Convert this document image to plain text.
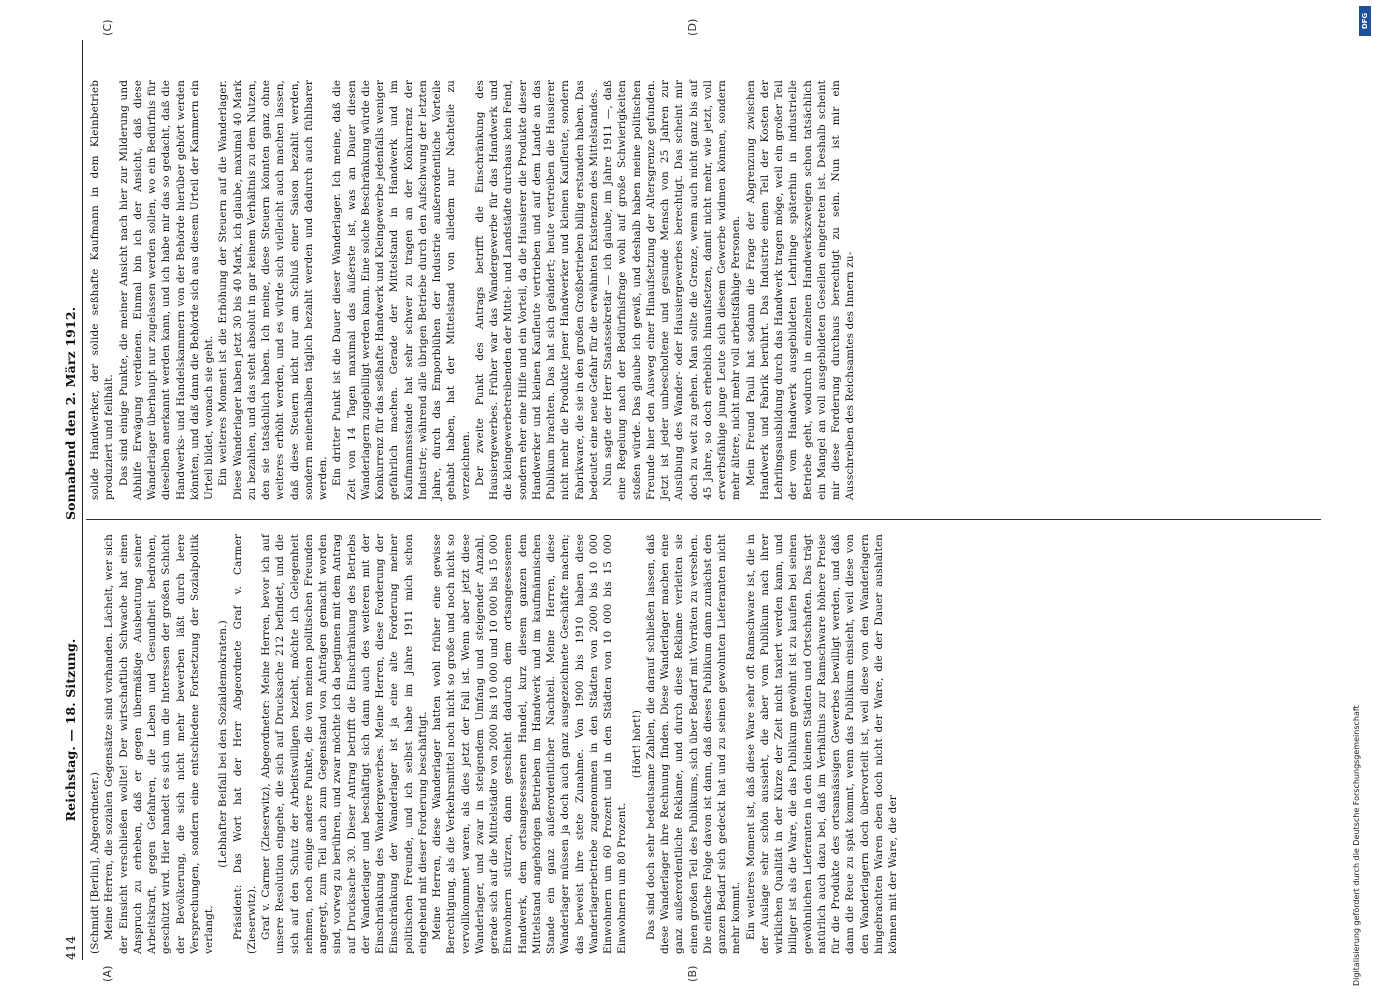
414
Reichstag. — 18. Sitzung.
Sonnabend den 2. März 1912.
(A)	(B)
(C)	(D)

(Schmidt [Berlin], Abgeordneter.) Meine Herren, die sozialen Gegensätze sind vorhanden. Lächelt, wer sich der Einsicht verschließen wollte! Der wirtschaftlich Schwache hat einen Anspruch zu erheben, daß er gegen übermäßige Ausbeutung seiner Arbeitskraft, gegen Gefahren, die Leben und Gesundheit bedrohen, geschützt wird. Hier handelt es sich um die Interessen der großen Schicht der Bevölkerung, die sich nicht mehr bewerben läßt durch leere Versprechungen, sondern eine entschiedene Fortsetzung der Sozialpolitik verlangt.

(Lebhafter Beifall bei den Sozialdemokraten.) Präsident: Das Wort hat der Herr Abgeordnete Graf v. Carmer (Zieserwitz). Graf v. Carmer (Zieserwitz), Abgeordneter: Meine Herren, bevor ich auf unsere Resolution eingehe, die sich auf Drucksache 212 befindet, und die sich auf den Schutz der Arbeitswilligen bezieht, möchte ich Gelegenheit nehmen, noch einige andere Punkte, die von meinen politischen Freunden angeregt, zum Teil auch zum Gegenstand von Anträgen gemacht worden sind, vorweg zu berühren, und zwar möchte ich da beginnen mit dem Antrag auf Drucksache 30. Dieser Antrag betrifft die Einschränkung des Betriebs der Wanderlager und beschäftigt sich dann auch des weiteren mit der Einschränkung des Wandergewerbes. Meine Herren, diese Forderung der Einschränkung der Wanderlager ist ja eine alte Forderung meiner politischen Freunde, und ich selbst habe im Jahre 1911 mich schon eingehend mit dieser Forderung beschäftigt. Meine Herren, diese Wanderlager hatten wohl früher eine gewisse Berechtigung, als die Verkehrsmittel noch nicht so große und noch nicht so vervollkommnet waren, als dies jetzt der Fall ist. Wenn aber jetzt diese Wanderlager, und zwar in steigendem Umfang und steigender Anzahl, gerade sich auf die Mittelstädte von 2000 bis 10 000 und 10 000 bis 15 000 Einwohnern stürzen, dann geschieht dadurch dem ortsangesessenen Handwerk, dem ortsangesessenen Handel, kurz diesem ganzen dem Mittelstand angehörigen Betrieben im Handwerk und im kaufmännischen Stande ein ganz außerordentlicher Nachteil. Meine Herren, diese Wanderlager müssen ja doch auch ganz ausgezeichnete Geschäfte machen; das beweist ihre stete Zunahme. Von 1900 bis 1910 haben diese Wanderlagerbetriebe zugenommen in den Städten von 2000 bis 10 000 Einwohnern um 60 Prozent und in den Städten von 10 000 bis 15 000 Einwohnern um 80 Prozent.

(Hört! hört!) Das sind doch sehr bedeutsame Zahlen, die darauf schließen lassen, daß diese Wanderlager ihre Rechnung finden. Diese Wanderlager machen eine ganz außerordentliche Reklame, und durch diese Reklame verleiten sie einen großen Teil des Publikums, sich über Bedarf mit Vorräten zu versehen. Die einfache Folge davon ist dann, daß dieses Publikum dann zunächst den ganzen Bedarf sich gedeckt hat und zu seinen gewohnten Lieferanten nicht mehr kommt. Ein weiteres Moment ist, daß diese Ware sehr oft Ramschware ist, die in der Auslage sehr schön aussieht, die aber vom Publikum nach ihrer wirklichen Qualität in der Kürze der Zeit nicht taxiert werden kann, und billiger ist als die Ware, die das Publikum gewöhnt ist zu kaufen bei seinen gewöhnlichen Lieferanten in den kleinen Städten und Ortschaften. Das trägt natürlich auch dazu bei, daß im Verhältnis zur Ramschware höhere Preise für die Produkte des ortsansässigen Gewerbes bewilligt werden, und daß dann die Reue zu spät kommt, wenn das Publikum einsieht, weil diese von den Wanderlagern doch übervorteilt ist, weil diese von den Wanderlagern hingebrachten Waren eben doch nicht der Ware, die der Dauer aushalten können mit der Ware, die der

solide Handwerker, der solide seßhafte Kaufmann in dem Kleinbetrieb produziert und feilhält. Das sind einige Punkte, die meiner Ansicht nach hier zur Milderung und Abhilfe Erwägung verdienen. Einmal bin ich der Ansicht, daß diese Wanderlager überhaupt nur zugelassen werden sollen, wo ein Bedürfnis für dieselben anerkannt werden kann, und ich habe mir das so gedacht, daß die Handwerks- und Handelskammern von der Behörde hierüber gehört werden könnten, und daß dann die Behörde sich aus diesem Urteil der Kammern ein Urteil bildet, wonach sie geht. Ein weiteres Moment ist die Erhöhung der Steuern auf die Wanderlager. Diese Wanderlager haben jetzt 30 bis 40 Mark, ich glaube, maximal 40 Mark zu bezahlen, und das steht absolut in gar keinem Verhältnis zu dem Nutzen, den sie tatsächlich haben. Ich meine, diese Steuern könnten ganz ohne weiteres erhöht werden, und es würde sich vielleicht auch machen lassen, daß diese Steuern nicht nur am Schluß einer Saison bezahlt werden, sondern meinethalben täglich bezahlt werden und dadurch auch fühlbarer werden. Ein dritter Punkt ist die Dauer dieser Wanderlager. Ich meine, daß die Zeit von 14 Tagen maximal das äußerste ist, was an Dauer diesen Wanderlagern zugebilligt werden kann. Eine solche Beschränkung würde die Konkurrenz für das seßhafte Handwerk und Kleingewerbe jedenfalls weniger gefährlich machen. Gerade der Mittelstand in Handwerk und im Kaufmannsstande hat sehr schwer zu tragen an der Konkurrenz der Industrie; während alle übrigen Betriebe durch den Aufschwung der letzten Jahre, durch das Emporblühen der Industrie außerordentliche Vorteile gehabt haben, hat der Mittelstand von alledem nur Nachteile zu verzeichnen. Der zweite Punkt des Antrags betrifft die Einschränkung des Hausiergewerbes. Früher war das Wandergewerbe für das Handwerk und die kleingewerbetreibenden der Mittel- und Landstädte durchaus kein Feind, sondern eher eine Hilfe und ein Vorteil, da die Hausierer die Produkte dieser Handwerker und kleinen Kaufleute vertrieben und auf dem Lande an das Publikum brachten. Das hat sich geändert; heute vertreiben die Hausierer nicht mehr die Produkte jener Handwerker und kleinen Kaufleute, sondern Fabrikware, die sie in den großen Großbetrieben billig erstanden haben. Das bedeutet eine neue Gefahr für die erwähnten Existenzen des Mittelstandes. Nun sagte der Herr Staatssekretär — ich glaube, im Jahre 1911 —, daß eine Regelung nach der Bedürfnisfrage wohl auf große Schwierigkeiten stoßen würde. Das glaube ich gewiß, und deshalb haben meine politischen Freunde hier den Ausweg einer Hinaufsetzung der Altersgrenze gefunden. Jetzt ist jeder unbescholtene und gesunde Mensch von 25 Jahren zur Ausübung des Wander- oder Hausiergewerbes berechtigt. Das scheint mir doch zu weit zu gehen. Man sollte die Grenze, wenn auch nicht ganz bis auf 45 Jahre, so doch erheblich hinaufsetzen, damit nicht mehr, wie jetzt, voll erwerbsfähige junge Leute sich diesem Gewerbe widmen können, sondern mehr ältere, nicht mehr voll arbeitsfähige Personen. Mein Freund Pauli hat sodann die Frage der Abgrenzung zwischen Handwerk und Fabrik berührt. Das Industrie einen Teil der Kosten der Lehrlingsausbildung durch das Handwerk tragen möge, weil ein großer Teil der vom Handwerk ausgebildeten Lehrlinge späterhin in industrielle Betriebe geht, wodurch in einzelnen Handwerkszweigen schon tatsächlich ein Mangel an voll ausgebildeten Gesellen eingetreten ist. Deshalb scheint mir diese Forderung durchaus berechtigt zu sein. Nun ist mir ein Ausschreiben des Reichsamtes des Innern zu-

Digitalisierung gefördert durch die Deutsche Forschungsgemeinschaft
DFG
